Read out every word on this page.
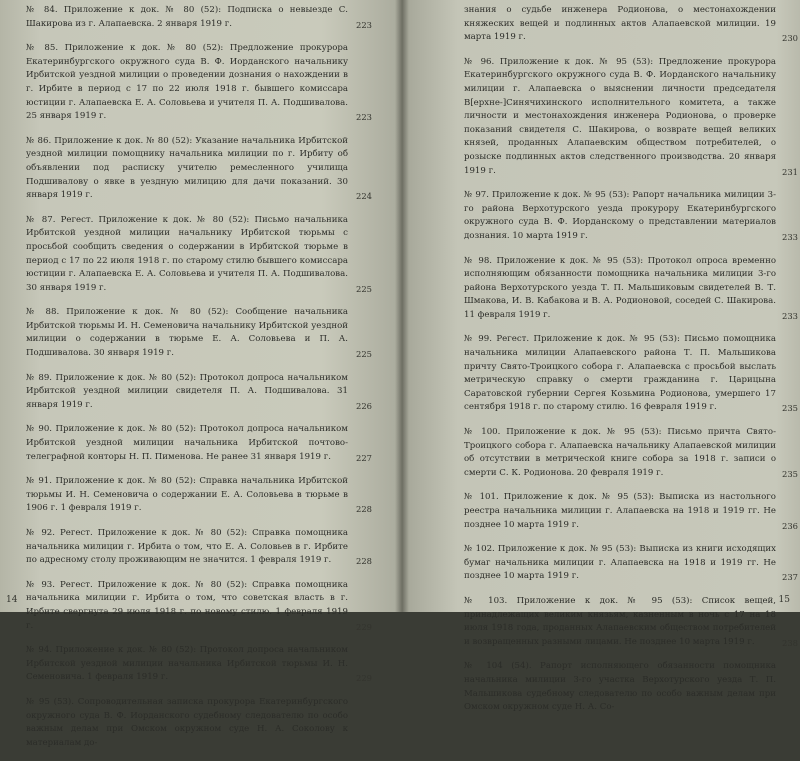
№ 84. Приложение к док. № 80 (52): Подписка о невыезде С. Шакирова из г. Алапаевска. 2 января 1919 г.	223
№ 85. Приложение к док. № 80 (52): Предложение прокурора Екатеринбургского окружного суда В. Ф. Иорданского начальнику Ирбитской уездной милиции о проведении дознания о нахождении в г. Ирбите в период с 17 по 22 июля 1918 г. бывшего комиссара юстиции г. Алапаевска Е. А. Соловьева и учителя П. А. Подшивалова. 25 января 1919 г.	223
№ 86. Приложение к док. № 80 (52): Указание начальника Ирбитской уездной милиции помощнику начальника милиции по г. Ирбиту об объявлении под расписку учителю ремесленного училища Подшивалову о явке в уездную милицию для дачи показаний. 30 января 1919 г.	224
№ 87. Регест. Приложение к док. № 80 (52): Письмо начальника Ирбитской уездной милиции начальнику Ирбитской тюрьмы с просьбой сообщить сведения о содержании в Ирбитской тюрьме в период с 17 по 22 июля 1918 г. по старому стилю бывшего комиссара юстиции г. Алапаевска Е. А. Соловьева и учителя П. А. Подшивалова. 30 января 1919 г.	225
№ 88. Приложение к док. № 80 (52): Сообщение начальника Ирбитской тюрьмы И. Н. Семеновича начальнику Ирбитской уездной милиции о содержании в тюрьме Е. А. Соловьева и П. А. Подшивалова. 30 января 1919 г.	225
№ 89. Приложение к док. № 80 (52): Протокол допроса начальником Ирбитской уездной милиции свидетеля П. А. Подшивалова. 31 января 1919 г.	226
№ 90. Приложение к док. № 80 (52): Протокол допроса начальником Ирбитской уездной милиции начальника Ирбитской почтово-телеграфной конторы Н. П. Пименова. Не ранее 31 января 1919 г.	227
№ 91. Приложение к док. № 80 (52): Справка начальника Ирбитской тюрьмы И. Н. Семеновича о содержании Е. А. Соловьева в тюрьме в 1906 г. 1 февраля 1919 г.	228
№ 92. Регест. Приложение к док. № 80 (52): Справка помощника начальника милиции г. Ирбита о том, что Е. А. Соловьев в г. Ирбите по адресному столу проживающим не значится. 1 февраля 1919 г.	228
№ 93. Регест. Приложение к док. № 80 (52): Справка помощника начальника милиции г. Ирбита о том, что советская власть в г. Ирбите свергнута 29 июля 1918 г. по новому стилю. 1 февраля 1919 г.	229
№ 94. Приложение к док. № 80 (52): Протокол допроса начальником Ирбитской уездной милиции начальника Ирбитской тюрьмы И. Н. Семеновича. 1 февраля 1919 г.	229
№ 95 (53). Сопроводительная записка прокурора Екатеринбургского окружного суда В. Ф. Иорданского судебному следователю по особо важным делам при Омском окружном суде Н. А. Соколову к материалам до-
14
знания о судьбе инженера Родионова, о местонахождении княжеских вещей и подлинных актов Алапаевской милиции. 19 марта 1919 г.	230
№ 96. Приложение к док. № 95 (53): Предложение прокурора Екатеринбургского окружного суда В. Ф. Иорданского начальнику милиции г. Алапаевска о выяснении личности председателя В[ерхне-]Синячихинского исполнительного комитета, а также личности и местонахождения инженера Родионова, о проверке показаний свидетеля С. Шакирова, о возврате вещей великих князей, проданных Алапаевским обществом потребителей, о розыске подлинных актов следственного производства. 20 января 1919 г.	231
№ 97. Приложение к док. № 95 (53): Рапорт начальника милиции 3-го района Верхотурского уезда прокурору Екатеринбургского окружного суда В. Ф. Иорданскому о представлении материалов дознания. 10 марта 1919 г.	233
№ 98. Приложение к док. № 95 (53): Протокол опроса временно исполняющим обязанности помощника начальника милиции 3-го района Верхотурского уезда Т. П. Мальшиковым свидетелей В. Т. Шмакова, И. В. Кабакова и В. А. Родионовой, соседей С. Шакирова. 11 февраля 1919 г.	233
№ 99. Регест. Приложение к док. № 95 (53): Письмо помощника начальника милиции Алапаевского района Т. П. Мальшикова причту Свято-Троицкого собора г. Алапаевска с просьбой выслать метрическую справку о смерти гражданина г. Царицына Саратовской губернии Сергея Козьмина Родионова, умершего 17 сентября 1918 г. по старому стилю. 16 февраля 1919 г.	235
№ 100. Приложение к док. № 95 (53): Письмо причта Свято-Троицкого собора г. Алапаевска начальнику Алапаевской милиции об отсутствии в метрической книге собора за 1918 г. записи о смерти С. К. Родионова. 20 февраля 1919 г.	235
№ 101. Приложение к док. № 95 (53): Выписка из настольного реестра начальника милиции г. Алапаевска на 1918 и 1919 гг. Не позднее 10 марта 1919 г.	236
№ 102. Приложение к док. № 95 (53): Выписка из книги исходящих бумаг начальника милиции г. Алапаевска на 1918 и 1919 гг. Не позднее 10 марта 1919 г.	237
№ 103. Приложение к док. № 95 (53): Список вещей, принадлежащих великим князьям, казненным в ночь с 17 на 18 июля 1918 года, проданных Алапаевским обществом потребителей и возвращенных разными лицами. Не позднее 10 марта 1919 г.	238
№ 104 (54). Рапорт исполняющего обязанности помощника начальника милиции 3-го участка Верхотурского уезда Т. П. Мальшикова судебному следователю по особо важным делам при Омском окружном суде Н. А. Со-
15
